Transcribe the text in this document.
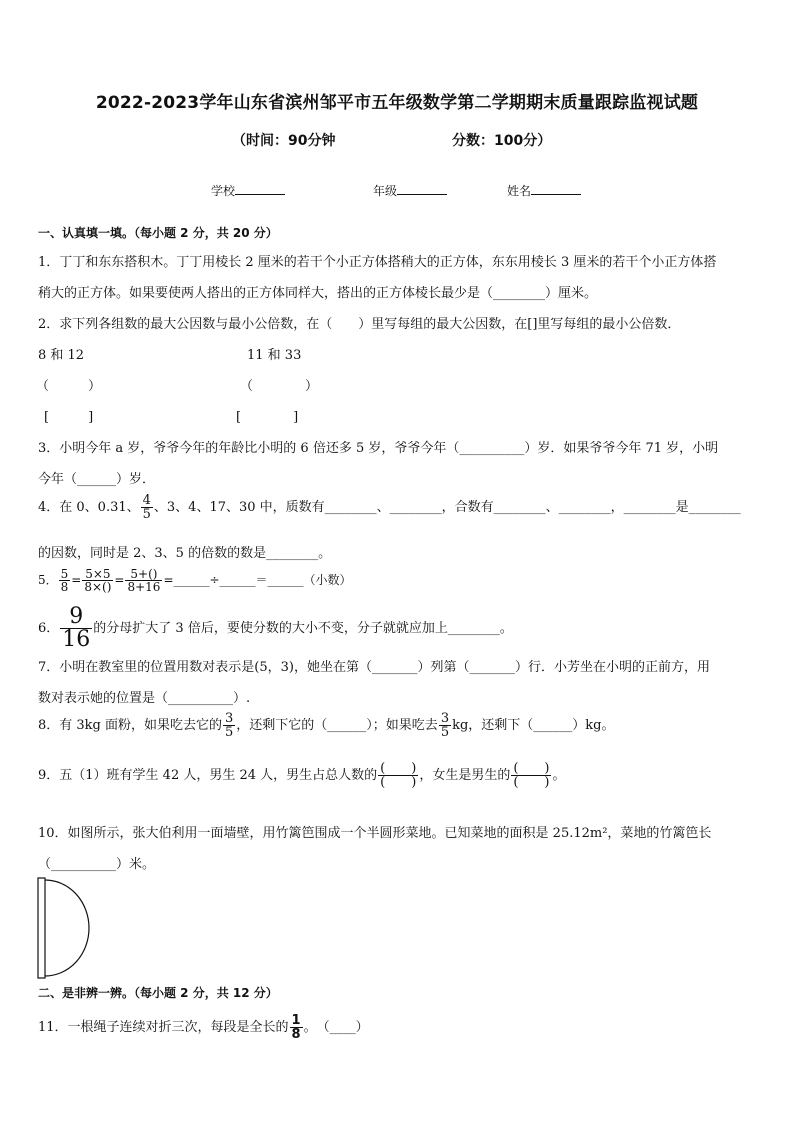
2022-2023学年山东省滨州邹平市五年级数学第二学期期末质量跟踪监视试题
（时间：90分钟	分数：100分）
学校	年级	姓名
一、认真填一填。（每小题 2 分，共 20 分）
1．丁丁和东东搭积木。丁丁用棱长 2 厘米的若干个小正方体搭稍大的正方体，东东用棱长 3 厘米的若干个小正方体搭
稍大的正方体。如果要使两人搭出的正方体同样大，搭出的正方体棱长最少是（________）厘米。
2．求下列各组数的最大公因数与最小公倍数，在（　　）里写每组的最大公因数，在[]里写每组的最小公倍数．
8 和 12	11 和 33
（　　　）	（　　　　）
[　　　]	[　　　　]
3．小明今年 a 岁，爷爷今年的年龄比小明的 6 倍还多 5 岁，爷爷今年（__________）岁．如果爷爷今年 71 岁，小明
今年（______）岁．
4．在 0、0.31、 $\frac{4}{5}$ 、3、4、17、30 中，质数有________、________，合数有________、________，________是________
的因数，同时是 2、3、5 的倍数的数是________。
5． $\frac{5}{8} = \frac{5\times 5}{8\times()} = \frac{5+()}{8+16}$ =______÷______＝______（小数）
6． $\frac{9}{16}$ 的分母扩大了 3 倍后，要使分数的大小不变，分子就就应加上________。
7．小明在教室里的位置用数对表示是(5，3)，她坐在第（_______）列第（_______）行．小芳坐在小明的正前方，用
数对表示她的位置是（__________）.
8．有 3kg 面粉，如果吃去它的 $\frac{3}{5}$ ，还剩下它的（______）；如果吃去 $\frac{3}{5}$ kg，还剩下（______）kg。
9．五（1）班有学生 42 人，男生 24 人，男生占总人数的 $\frac{( )}{( )}$ ，女生是男生的 $\frac{( )}{( )}$ 。
10．如图所示，张大伯利用一面墙壁，用竹篱笆围成一个半圆形菜地。已知菜地的面积是 25.12m²，菜地的竹篱笆长
（__________）米。
二、是非辨一辨。（每小题 2 分，共 12 分）
11．一根绳子连续对折三次，每段是全长的 $\frac{1}{8}$ 。　（____）
